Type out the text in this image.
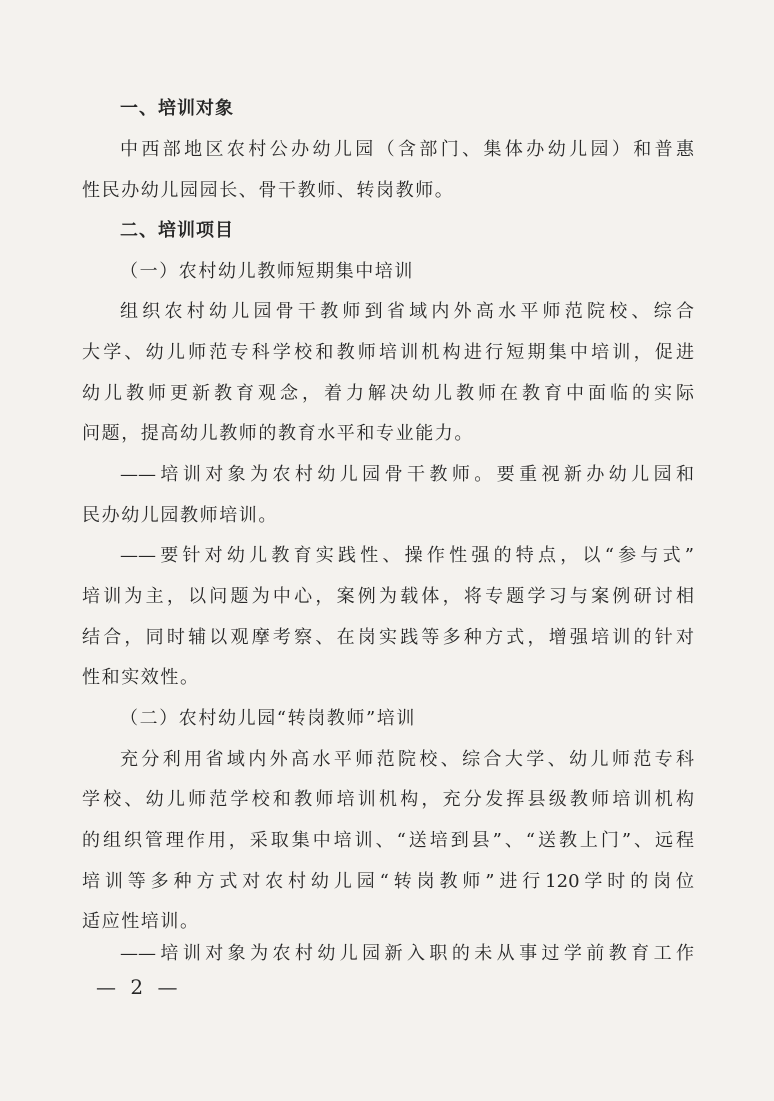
一、培训对象
中西部地区农村公办幼儿园（含部门、集体办幼儿园）和普惠
性民办幼儿园园长、骨干教师、转岗教师。
二、培训项目
（一）农村幼儿教师短期集中培训
组织农村幼儿园骨干教师到省域内外高水平师范院校、综合
大学、幼儿师范专科学校和教师培训机构进行短期集中培训，促进
幼儿教师更新教育观念，着力解决幼儿教师在教育中面临的实际
问题，提高幼儿教师的教育水平和专业能力。
——培训对象为农村幼儿园骨干教师。要重视新办幼儿园和
民办幼儿园教师培训。
——要针对幼儿教育实践性、操作性强的特点，以“参与式”
培训为主，以问题为中心，案例为载体，将专题学习与案例研讨相
结合，同时辅以观摩考察、在岗实践等多种方式，增强培训的针对
性和实效性。
（二）农村幼儿园“转岗教师”培训
充分利用省域内外高水平师范院校、综合大学、幼儿师范专科
学校、幼儿师范学校和教师培训机构，充分发挥县级教师培训机构
的组织管理作用，采取集中培训、“送培到县”、“送教上门”、远程
培训等多种方式对农村幼儿园“转岗教师”进行120学时的岗位
适应性培训。
——培训对象为农村幼儿园新入职的未从事过学前教育工作
— 2 —
